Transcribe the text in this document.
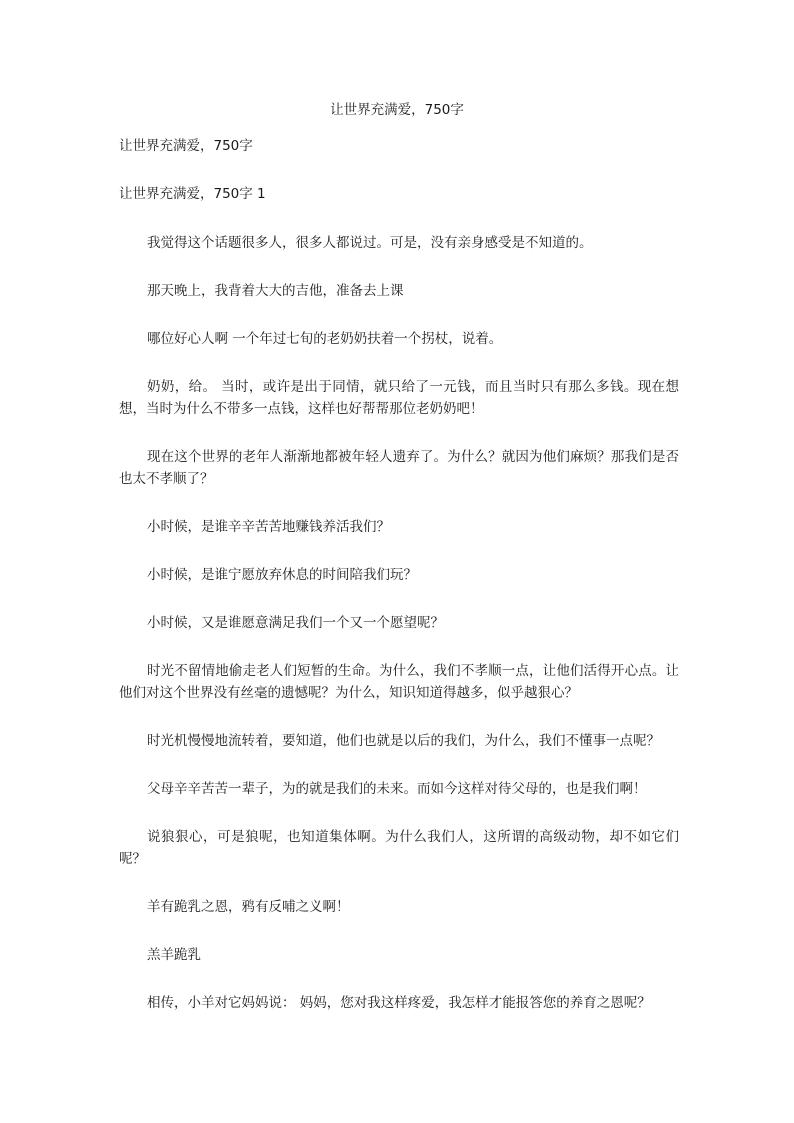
让世界充满爱，750字

让世界充满爱，750字

让世界充满爱，750字 1

我觉得这个话题很多人，很多人都说过。可是，没有亲身感受是不知道的。

那天晚上，我背着大大的吉他，准备去上课

哪位好心人啊 一个年过七旬的老奶奶扶着一个拐杖，说着。

奶奶，给。 当时，或许是出于同情，就只给了一元钱，而且当时只有那么多钱。现在想想，当时为什么不带多一点钱，这样也好帮帮那位老奶奶吧！

现在这个世界的老年人渐渐地都被年轻人遗弃了。为什么？就因为他们麻烦？那我们是否也太不孝顺了？

小时候，是谁辛辛苦苦地赚钱养活我们？

小时候，是谁宁愿放弃休息的时间陪我们玩？

小时候，又是谁愿意满足我们一个又一个愿望呢？

时光不留情地偷走老人们短暂的生命。为什么，我们不孝顺一点，让他们活得开心点。让他们对这个世界没有丝毫的遗憾呢？为什么，知识知道得越多，似乎越狠心？

时光机慢慢地流转着，要知道，他们也就是以后的我们，为什么，我们不懂事一点呢？

父母辛辛苦苦一辈子，为的就是我们的未来。而如今这样对待父母的，也是我们啊！

说狼狠心，可是狼呢，也知道集体啊。为什么我们人，这所谓的高级动物，却不如它们呢？

羊有跪乳之恩，鸦有反哺之义啊！

羔羊跪乳

相传，小羊对它妈妈说： 妈妈，您对我这样疼爱，我怎样才能报答您的养育之恩呢？
